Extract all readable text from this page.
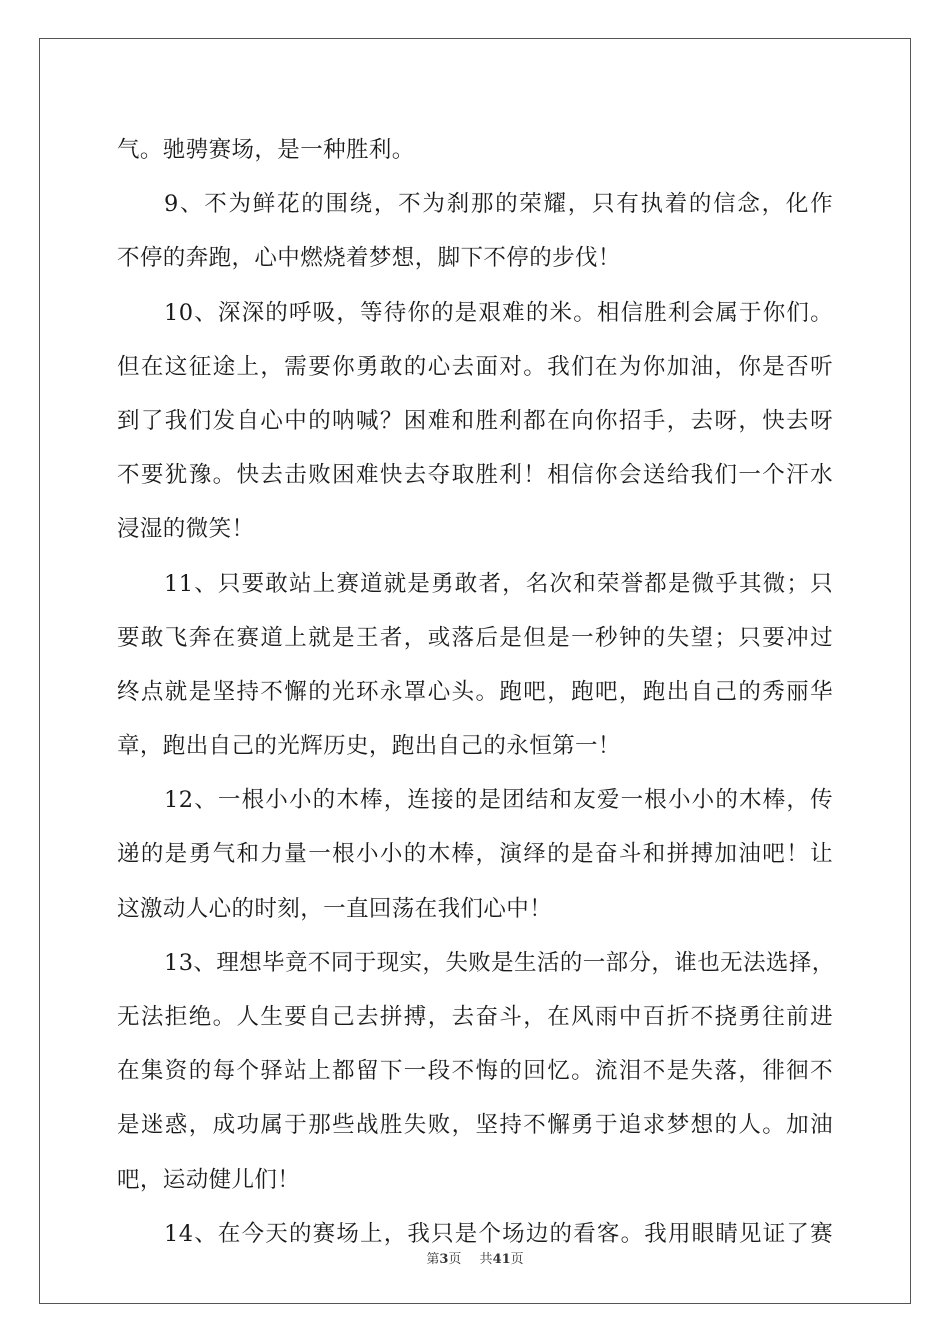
气。驰骋赛场，是一种胜利。
9、不为鲜花的围绕，不为刹那的荣耀，只有执着的信念，化作
不停的奔跑，心中燃烧着梦想，脚下不停的步伐！
10、深深的呼吸，等待你的是艰难的米。相信胜利会属于你们。
但在这征途上，需要你勇敢的心去面对。我们在为你加油，你是否听
到了我们发自心中的呐喊？困难和胜利都在向你招手，去呀，快去呀
不要犹豫。快去击败困难快去夺取胜利！相信你会送给我们一个汗水
浸湿的微笑！
11、只要敢站上赛道就是勇敢者，名次和荣誉都是微乎其微；只
要敢飞奔在赛道上就是王者，或落后是但是一秒钟的失望；只要冲过
终点就是坚持不懈的光环永罩心头。跑吧，跑吧，跑出自己的秀丽华
章，跑出自己的光辉历史，跑出自己的永恒第一！
12、一根小小的木棒，连接的是团结和友爱一根小小的木棒，传
递的是勇气和力量一根小小的木棒，演绎的是奋斗和拼搏加油吧！让
这激动人心的时刻，一直回荡在我们心中！
13、理想毕竟不同于现实，失败是生活的一部分，谁也无法选择，
无法拒绝。人生要自己去拼搏，去奋斗，在风雨中百折不挠勇往前进
在集资的每个驿站上都留下一段不悔的回忆。流泪不是失落，徘徊不
是迷惑，成功属于那些战胜失败，坚持不懈勇于追求梦想的人。加油
吧，运动健儿们！
14、在今天的赛场上，我只是个场边的看客。我用眼睛见证了赛
第3页 共41页
